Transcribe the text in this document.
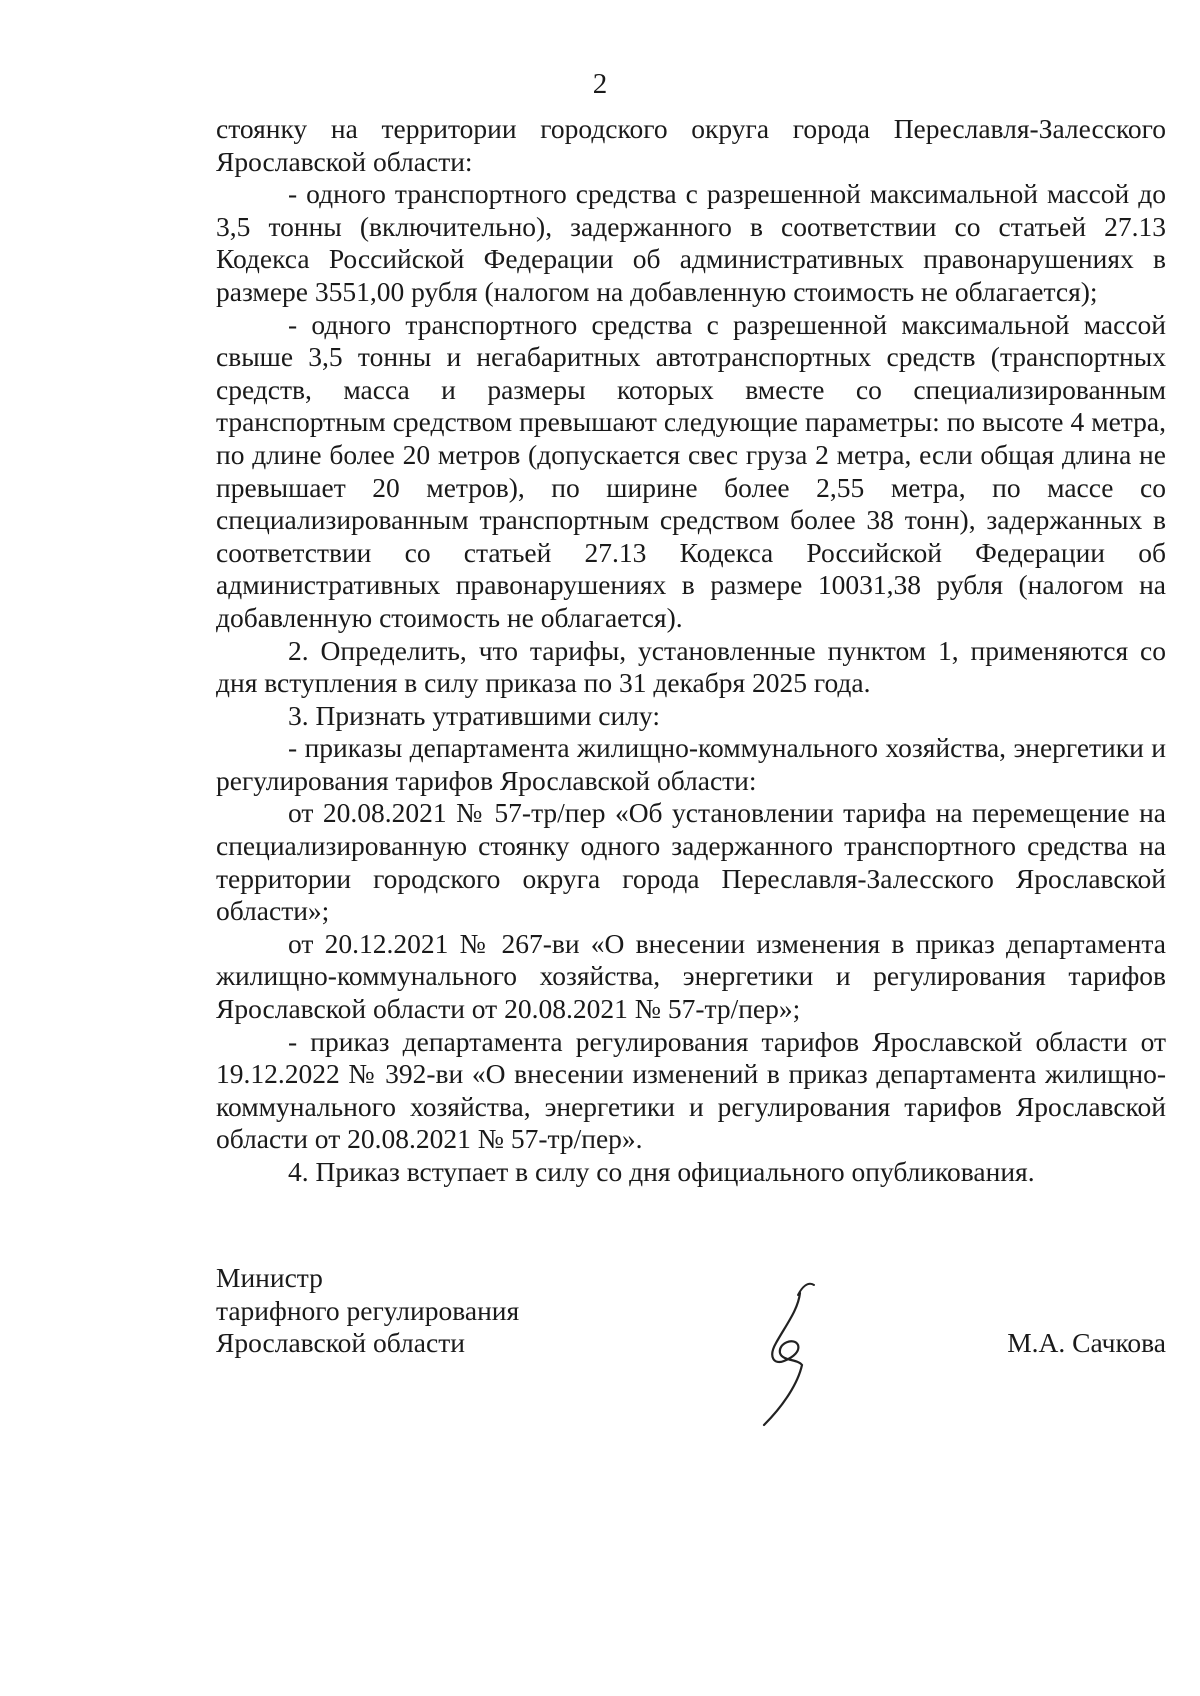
2

стоянку на территории городского округа города Переславля-Залесского Ярославской области:

- одного транспортного средства с разрешенной максимальной массой до 3,5 тонны (включительно), задержанного в соответствии со статьей 27.13 Кодекса Российской Федерации об административных правонарушениях в размере 3551,00 рубля (налогом на добавленную стоимость не облагается);

- одного транспортного средства с разрешенной максимальной массой свыше 3,5 тонны и негабаритных автотранспортных средств (транспортных средств, масса и размеры которых вместе со специализированным транспортным средством превышают следующие параметры: по высоте 4 метра, по длине более 20 метров (допускается свес груза 2 метра, если общая длина не превышает 20 метров), по ширине более 2,55 метра, по массе со специализированным транспортным средством более 38 тонн), задержанных в соответствии со статьей 27.13 Кодекса Российской Федерации об административных правонарушениях в размере 10031,38 рубля (налогом на добавленную стоимость не облагается).

2. Определить, что тарифы, установленные пунктом 1, применяются со дня вступления в силу приказа по 31 декабря 2025 года.

3. Признать утратившими силу:

- приказы департамента жилищно-коммунального хозяйства, энергетики и регулирования тарифов Ярославской области:

от 20.08.2021 № 57-тр/пер «Об установлении тарифа на перемещение на специализированную стоянку одного задержанного транспортного средства на территории городского округа города Переславля-Залесского Ярославской области»;

от 20.12.2021 № 267-ви «О внесении изменения в приказ департамента жилищно-коммунального хозяйства, энергетики и регулирования тарифов Ярославской области от 20.08.2021 № 57-тр/пер»;

- приказ департамента регулирования тарифов Ярославской области от 19.12.2022 № 392-ви «О внесении изменений в приказ департамента жилищно-коммунального хозяйства, энергетики и регулирования тарифов Ярославской области от 20.08.2021 № 57-тр/пер».

4. Приказ вступает в силу со дня официального опубликования.

Министр
тарифного регулирования
Ярославской области	М.А. Сачкова
